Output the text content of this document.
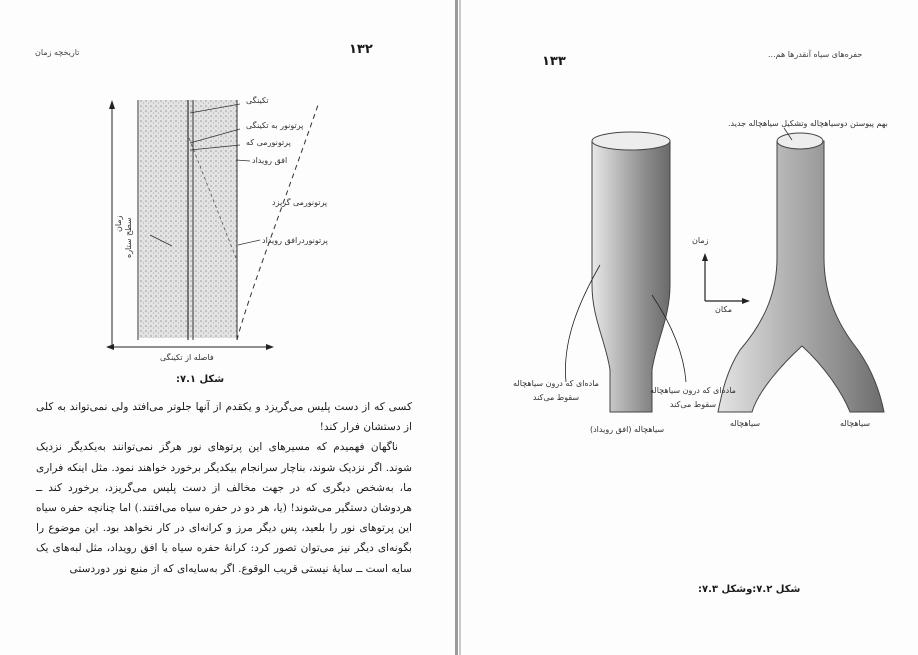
۱۳۲
تاریخچه زمان
تکینگی
پرتونور به تکینگی
پرتونورمی که
افق رویداد
پرتونورمی گریزد
پرتونوردرافق رویداد
زمان سطح ستاره
فاصله از تکینگی
شکل ۷.۱:

کسی که از دست پلیس می‌گریزد و یکقدم از آنها جلوتر می‌افتد ولی نمی‌تواند به کلی از دستشان فرار کند!

ناگهان فهمیدم که مسیرهای این پرتوهای نور هرگز نمی‌توانند به‌یکدیگر نزدیک شوند. اگر نزدیک شوند، بناچار سرانجام بیکدیگر برخورد خواهند نمود. مثل اینکه فراری ما، به‌شخص دیگری که در جهت مخالف از دست پلیس می‌گریزد، برخورد کند ــ هردوشان دستگیر می‌شوند! (یا، هر دو در حفره سیاه می‌افتند.) اما چنانچه حفره سیاه این پرتوهای نور را بلعید، پس دیگر مرز و کرانه‌ای در کار نخواهد بود. این موضوع را بگونه‌ای دیگر نیز می‌توان تصور کرد: کرانهٔ حفره سیاه یا افق رویداد، مثل لبه‌های یک سایه است ــ سایهٔ نیستی قریب الوقوع. اگر به‌سایه‌ای که از منبع نور دوردستی

۱۳۳	حفره‌های سیاه آنقدرها هم...
بهم پیوستن دوسیاهچاله وتشکیل سیاهچاله جدید.
زمان
مکان
ماده‌ای که درون سیاهچاله سقوط می‌کند
ماده‌ای که درون سیاهچاله سقوط می‌کند
سیاهچاله (افق رویداد)
سیاهچاله	سیاهچاله
شکل ۷.۲:وشکل ۷.۳:
